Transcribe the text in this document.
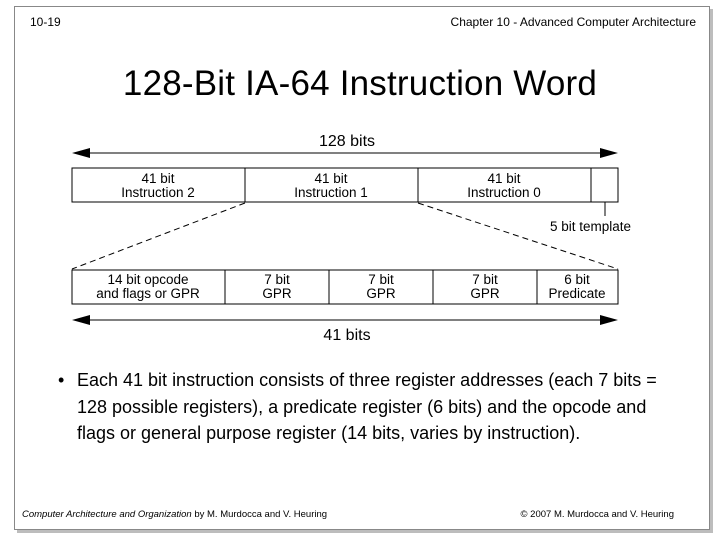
10-19	Chapter 10 - Advanced Computer Architecture
128-Bit IA-64 Instruction Word
128 bits
41 bit
Instruction 2
41 bit
Instruction 1
41 bit
Instruction 0
5 bit template
14 bit opcode
and flags or GPR
7 bit
GPR
7 bit
GPR
7 bit
GPR
6 bit
Predicate
41 bits
• Each 41 bit instruction consists of three register addresses (each 7 bits = 128 possible registers), a predicate register (6 bits) and the opcode and flags or general purpose register (14 bits, varies by instruction).
Computer Architecture and Organization by M. Murdocca and V. Heuring	© 2007 M. Murdocca and V. Heuring
